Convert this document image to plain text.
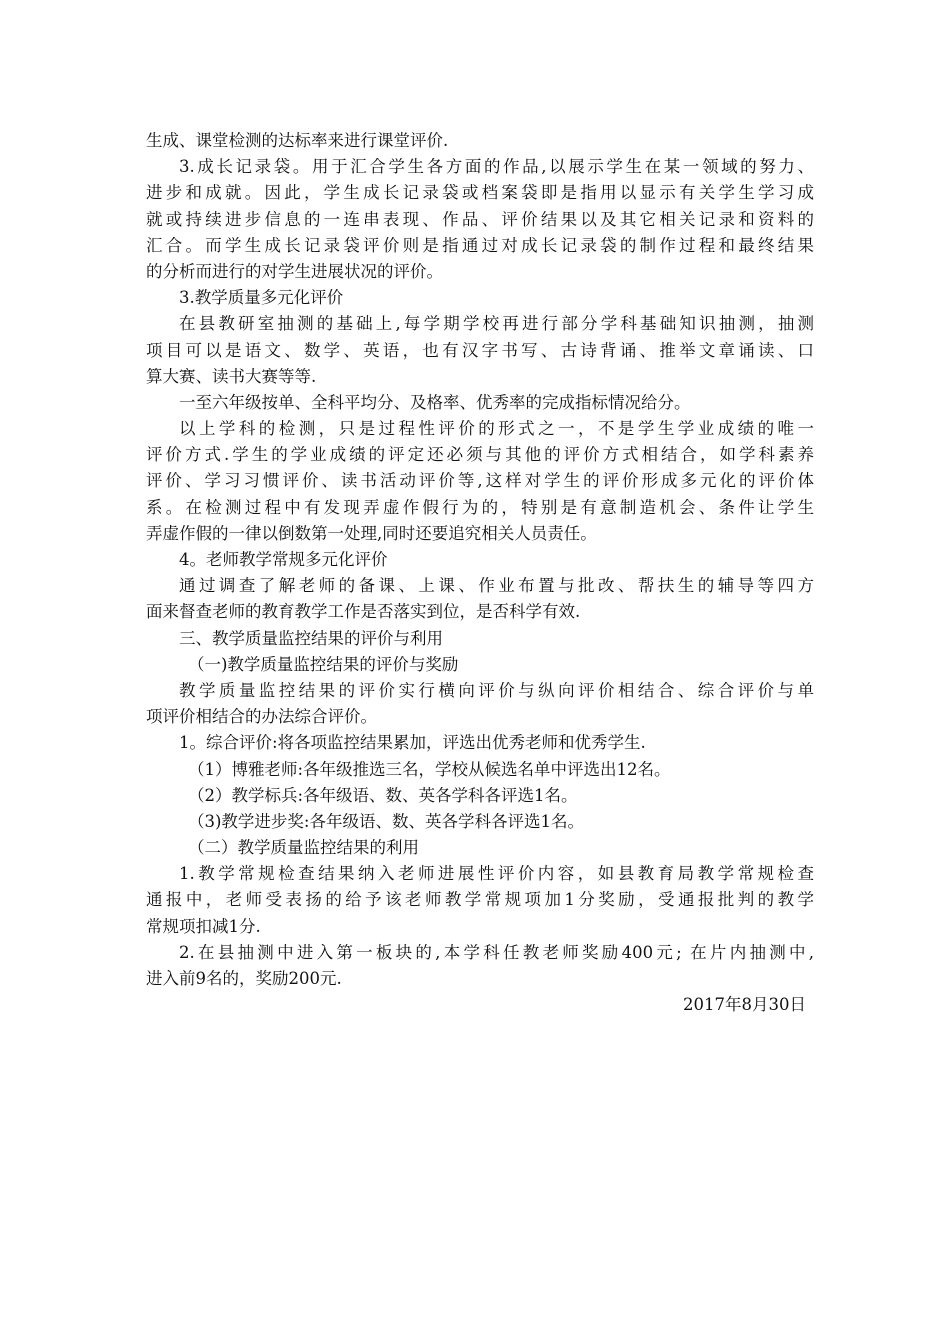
生成、课堂检测的达标率来进行课堂评价.
3.成长记录袋。用于汇合学生各方面的作品,以展示学生在某一领域的努力、
进步和成就。因此，学生成长记录袋或档案袋即是指用以显示有关学生学习成
就或持续进步信息的一连串表现、作品、评价结果以及其它相关记录和资料的
汇合。而学生成长记录袋评价则是指通过对成长记录袋的制作过程和最终结果
的分析而进行的对学生进展状况的评价。
3.教学质量多元化评价
在县教研室抽测的基础上,每学期学校再进行部分学科基础知识抽测，抽测
项目可以是语文、数学、英语，也有汉字书写、古诗背诵、推举文章诵读、口
算大赛、读书大赛等等.
一至六年级按单、全科平均分、及格率、优秀率的完成指标情况给分。
以上学科的检测，只是过程性评价的形式之一，不是学生学业成绩的唯一
评价方式.学生的学业成绩的评定还必须与其他的评价方式相结合，如学科素养
评价、学习习惯评价、读书活动评价等,这样对学生的评价形成多元化的评价体
系。在检测过程中有发现弄虚作假行为的，特别是有意制造机会、条件让学生
弄虚作假的一律以倒数第一处理,同时还要追究相关人员责任。
4。老师教学常规多元化评价
通过调查了解老师的备课、上课、作业布置与批改、帮扶生的辅导等四方
面来督查老师的教育教学工作是否落实到位，是否科学有效.
三、教学质量监控结果的评价与利用
（一)教学质量监控结果的评价与奖励
教学质量监控结果的评价实行横向评价与纵向评价相结合、综合评价与单
项评价相结合的办法综合评价。
1。综合评价:将各项监控结果累加，评选出优秀老师和优秀学生.
（1）博雅老师:各年级推选三名，学校从候选名单中评选出12名。
（2）教学标兵:各年级语、数、英各学科各评选1名。
（3)教学进步奖:各年级语、数、英各学科各评选1名。
（二）教学质量监控结果的利用
1.教学常规检查结果纳入老师进展性评价内容，如县教育局教学常规检查
通报中，老师受表扬的给予该老师教学常规项加1分奖励，受通报批判的教学
常规项扣减1分.
2.在县抽测中进入第一板块的,本学科任教老师奖励400元; 在片内抽测中,
进入前9名的，奖励200元.
2017年8月30日
